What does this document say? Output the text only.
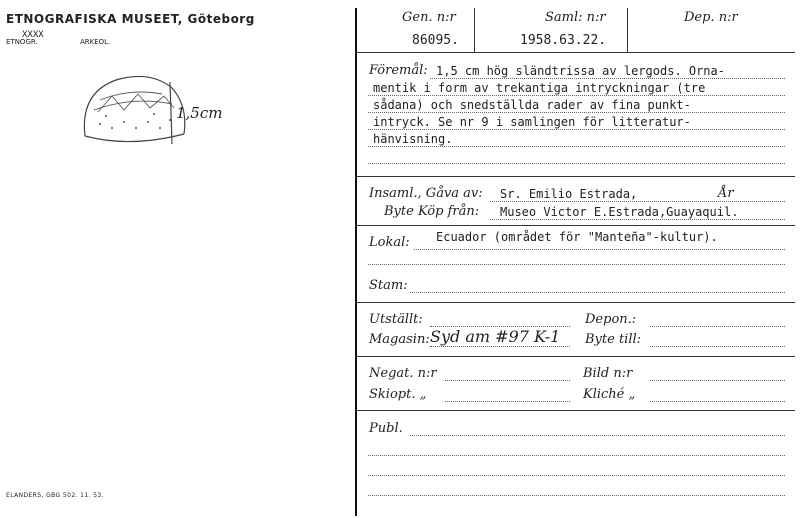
ETNOGRAFISKA MUSEET, Göteborg
XXXX
ETNOGR.	ARKEOL.
1,5cm
ELANDERS, GBG 502. 11. 53.
Gen. n:r
86095.
Saml: n:r
1958.63.22.
Dep. n:r
Föremål: 1,5 cm hög sländtrissa av lergods. Orna-
mentik i form av trekantiga intryckningar (tre
sådana) och snedställda rader av fina punkt-
intryck. Se nr 9 i samlingen för litteratur-
hänvisning.
Insaml., Gåva av: Sr. Emilio Estrada,	År
Byte Köp från: Museo Victor E.Estrada,Guayaquil.
Lokal: Ecuador (området för "Manteña"-kultur).
Stam:
Utställt:	Depon.:
Magasin: Syd am #97 K-1 Byte till:
Negat. n:r	Bild n:r
Skiopt. „	Kliché „
Publ.
